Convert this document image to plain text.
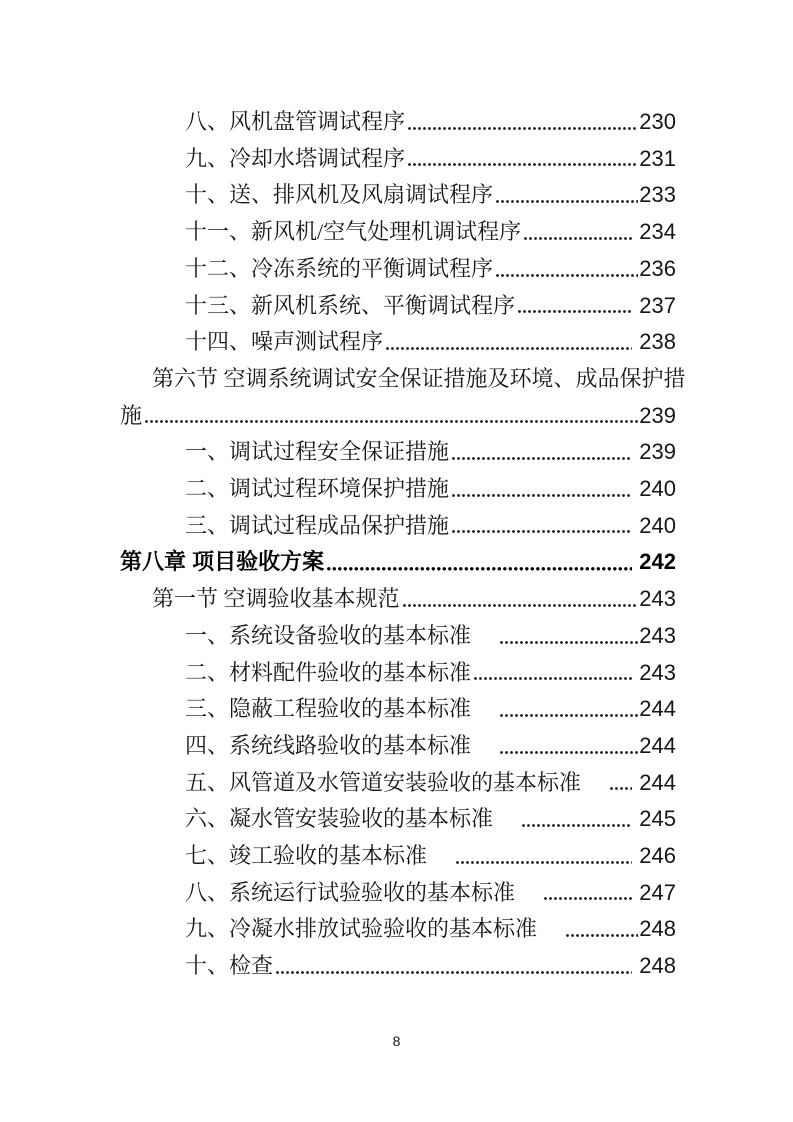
八、风机盘管调试程序	230
九、冷却水塔调试程序	231
十、送、排风机及风扇调试程序	233
十一、新风机/空气处理机调试程序	234
十二、冷冻系统的平衡调试程序	236
十三、新风机系统、平衡调试程序	237
十四、噪声测试程序	238
第六节 空调系统调试安全保证措施及环境、成品保护措
施	239
一、调试过程安全保证措施	239
二、调试过程环境保护措施	240
三、调试过程成品保护措施	240
第八章 项目验收方案	242
第一节 空调验收基本规范	243
一、系统设备验收的基本标准	243
二、材料配件验收的基本标准	243
三、隐蔽工程验收的基本标准	244
四、系统线路验收的基本标准	244
五、风管道及水管道安装验收的基本标准 244
六、凝水管安装验收的基本标准	245
七、竣工验收的基本标准	246
八、系统运行试验验收的基本标准	247
九、冷凝水排放试验验收的基本标准	248
十、检查	248
8
